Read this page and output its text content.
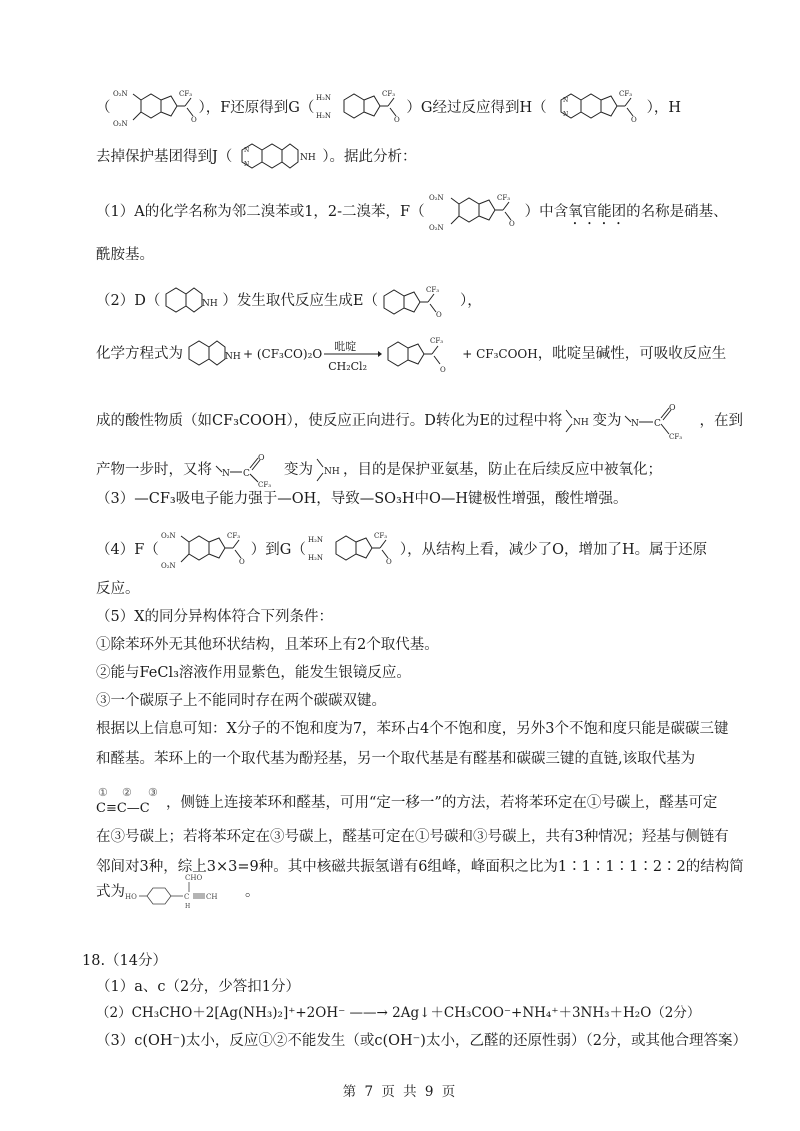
（
O₂N
O₂N
CF₃
O
），F还原得到G（
H₂N
H₂N
CF₃
O
）G经过反应得到H（	N
N
CF₃
O
），H
去掉保护基团得到J（ N
N
NH ）。据此分析：
（1）A的化学名称为邻二溴苯或1，2-二溴苯，F（
O₂N
O₂N
CF₃
O
）中含氧官能团的名称是硝基、
酰胺基。
（2）D（	NH ）发生取代反应生成E（
CF₃
O
），
化学方程式为	NH + (CF₃CO)₂O
吡啶
CH₂Cl₂
CF₃
O
+ CF₃COOH，吡啶呈碱性，可吸收反应生
成的酸性物质（如CF₃COOH），使反应正向进行。D转化为E的过程中将 NH 变为 N C
O
CF₃
，在到
产物一步时，又将 N C
O
CF₃
变为 NH ，目的是保护亚氨基，防止在后续反应中被氧化；
（3）—CF₃吸电子能力强于—OH，导致—SO₃H中O—H键极性增强，酸性增强。
（4）F（
O₂N
O₂N
CF₃
O
）到G（
H₂N
H₂N
CF₃
O
），从结构上看，减少了O，增加了H。属于还原
反应。
（5）X的同分异构体符合下列条件：
①除苯环外无其他环状结构，且苯环上有2个取代基。
②能与FeCl₃溶液作用显紫色，能发生银镜反应。
③一个碳原子上不能同时存在两个碳碳双键。
根据以上信息可知：X分子的不饱和度为7，苯环占4个不饱和度，另外3个不饱和度只能是碳碳三键
和醛基。苯环上的一个取代基为酚羟基，另一个取代基是有醛基和碳碳三键的直链,该取代基为
① ② ③
C≡C—C ，侧链上连接苯环和醛基，可用“定一移一”的方法，若将苯环定在①号碳上，醛基可定
在③号碳上；若将苯环定在③号碳上，醛基可定在①号碳和③号碳上，共有3种情况；羟基与侧链有
邻间对3种，综上3×3=9种。其中核磁共振氢谱有6组峰，峰面积之比为1∶1∶1∶1∶2∶2的结构简
式为 HO
CHO
C
H
CH 。
18.（14分）
（1）a、c（2分，少答扣1分）
（2）CH₃CHO＋2[Ag(NH₃)₂]⁺+2OH⁻ ——→ 2Ag↓＋CH₃COO⁻+NH₄⁺＋3NH₃＋H₂O（2分）
（3）c(OH⁻)太小，反应①②不能发生（或c(OH⁻)太小，乙醛的还原性弱）（2分，或其他合理答案）
第 7 页 共 9 页
